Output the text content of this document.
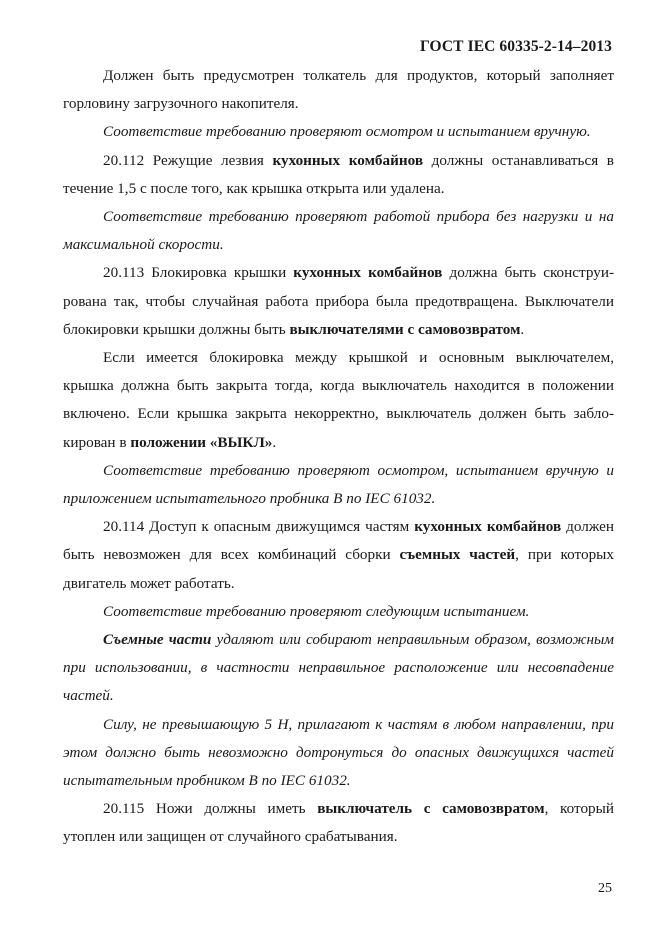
ГОСТ IEC 60335-2-14–2013

Должен быть предусмотрен толкатель для продуктов, который заполняет горловину загрузочного накопителя.

Соответствие требованию проверяют осмотром и испытанием вручную.

20.112 Режущие лезвия кухонных комбайнов должны останавливаться в течение 1,5 с после того, как крышка открыта или удалена.

Соответствие требованию проверяют работой прибора без нагрузки и на максимальной скорости.

20.113 Блокировка крышки кухонных комбайнов должна быть сконструирована так, чтобы случайная работа прибора была предотвращена. Выключатели блокировки крышки должны быть выключателями с самовозвратом.

Если имеется блокировка между крышкой и основным выключателем, крышка должна быть закрыта тогда, когда выключатель находится в положении включено. Если крышка закрыта некорректно, выключатель должен быть заблокирован в положении «ВЫКЛ».

Соответствие требованию проверяют осмотром, испытанием вручную и приложением испытательного пробника В по IEC 61032.

20.114 Доступ к опасным движущимся частям кухонных комбайнов должен быть невозможен для всех комбинаций сборки съемных частей, при которых двигатель может работать.

Соответствие требованию проверяют следующим испытанием.

Съемные части удаляют или собирают неправильным образом, возможным при использовании, в частности неправильное расположение или несовпадение частей.

Силу, не превышающую 5 Н, прилагают к частям в любом направлении, при этом должно быть невозможно дотронуться до опасных движущихся частей испытательным пробником В по IEC 61032.

20.115 Ножи должны иметь выключатель с самовозвратом, который утоплен или защищен от случайного срабатывания.

25
